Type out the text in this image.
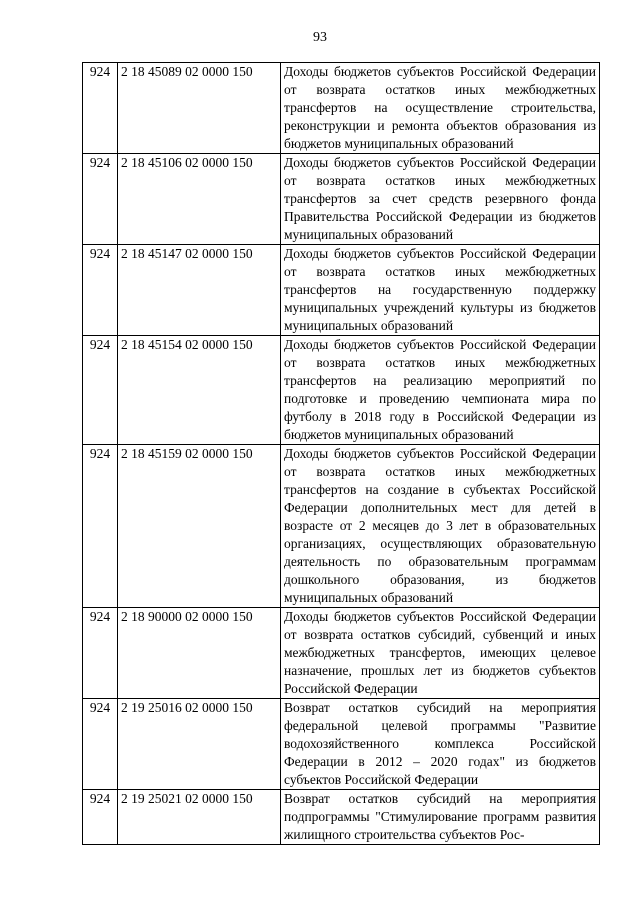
93
924	2 18 45089 02 0000 150	Доходы бюджетов субъектов Российской Федерации от возврата остатков иных межбюджетных трансфертов на осуществление строительства, реконструкции и ремонта объектов образования из бюджетов муниципальных образований
924	2 18 45106 02 0000 150	Доходы бюджетов субъектов Российской Федерации от возврата остатков иных межбюджетных трансфертов за счет средств резервного фонда Правительства Российской Федерации из бюджетов муниципальных образований
924	2 18 45147 02 0000 150	Доходы бюджетов субъектов Российской Федерации от возврата остатков иных межбюджетных трансфертов на государственную поддержку муниципальных учреждений культуры из бюджетов муниципальных образований
924	2 18 45154 02 0000 150	Доходы бюджетов субъектов Российской Федерации от возврата остатков иных межбюджетных трансфертов на реализацию мероприятий по подготовке и проведению чемпионата мира по футболу в 2018 году в Российской Федерации из бюджетов муниципальных образований
924	2 18 45159 02 0000 150	Доходы бюджетов субъектов Российской Федерации от возврата остатков иных межбюджетных трансфертов на создание в субъектах Российской Федерации дополнительных мест для детей в возрасте от 2 месяцев до 3 лет в образовательных организациях, осуществляющих образовательную деятельность по образовательным программам дошкольного образования, из бюджетов муниципальных образований
924	2 18 90000 02 0000 150	Доходы бюджетов субъектов Российской Федерации от возврата остатков субсидий, субвенций и иных межбюджетных трансфертов, имеющих целевое назначение, прошлых лет из бюджетов субъектов Российской Федерации
924	2 19 25016 02 0000 150	Возврат остатков субсидий на мероприятия федеральной целевой программы "Развитие водохозяйственного комплекса Российской Федерации в 2012 – 2020 годах" из бюджетов субъектов Российской Федерации
924	2 19 25021 02 0000 150	Возврат остатков субсидий на мероприятия подпрограммы "Стимулирование программ развития жилищного строительства субъектов Рос-
